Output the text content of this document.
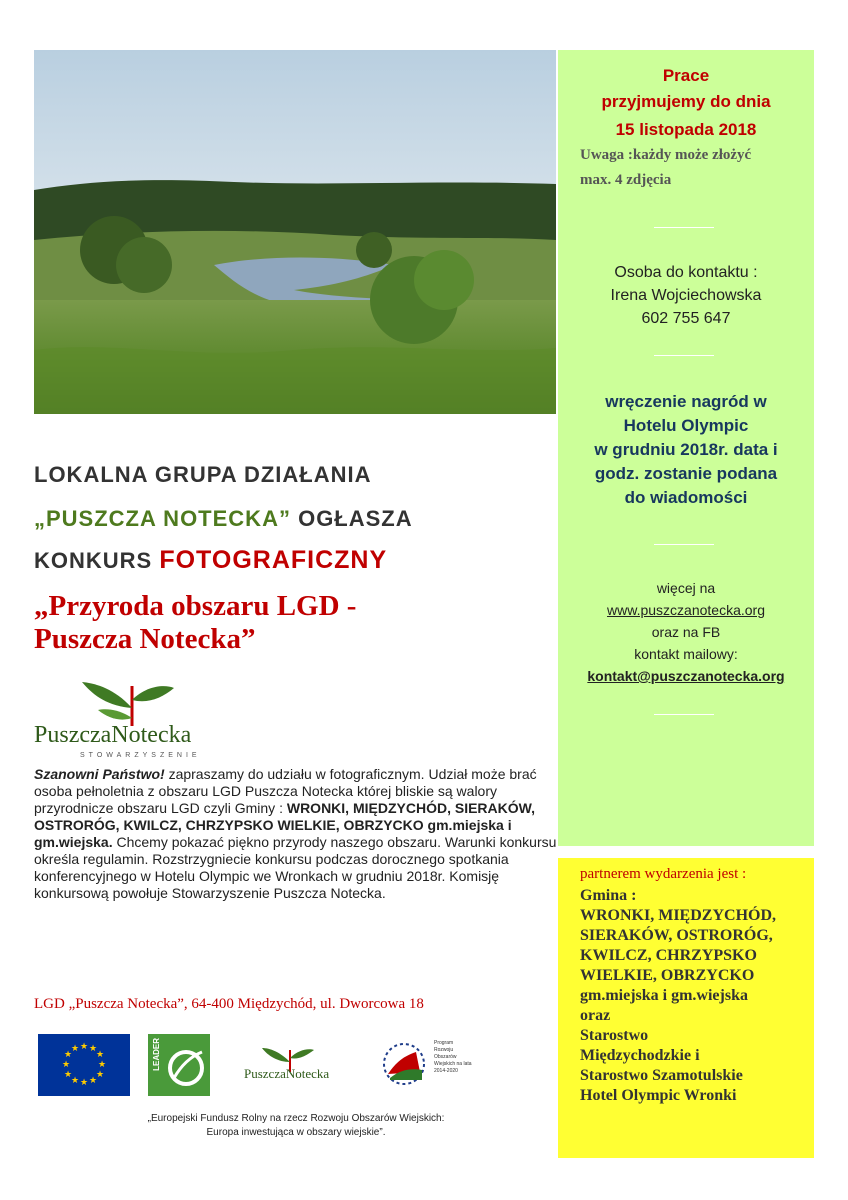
Prace
przyjmujemy do dnia
15 listopada 2018
Uwaga :każdy może złożyć
max. 4 zdjęcia
Osoba do kontaktu :
Irena Wojciechowska
602 755 647
wręczenie nagród w
Hotelu Olympic
w grudniu 2018r. data i
godz. zostanie podana
do wiadomości
więcej na
www.puszczanotecka.org
oraz na FB
kontakt mailowy:
kontakt@puszczanotecka.org
partnerem wydarzenia jest :
Gmina :
WRONKI, MIĘDZYCHÓD,
SIERAKÓW, OSTRORÓG,
KWILCZ, CHRZYPSKO
WIELKIE, OBRZYCKO
gm.miejska i gm.wiejska
oraz
Starostwo
Międzychodzkie i
Starostwo Szamotulskie
Hotel Olympic Wronki
LOKALNA GRUPA DZIAŁANIA
„PUSZCZA NOTECKA” OGŁASZA
KONKURS FOTOGRAFICZNY
„Przyroda obszaru LGD -
Puszcza Notecka”
PuszczaNotecka
STOWARZYSZENIE
Szanowni Państwo! zapraszamy do udziału w fotograficznym. Udział może brać osoba pełnoletnia z obszaru LGD Puszcza Notecka której bliskie są walory przyrodnicze obszaru LGD czyli Gminy : WRONKI, MIĘDZYCHÓD, SIERAKÓW, OSTRORÓG, KWILCZ, CHRZYPSKO WIELKIE, OBRZYCKO gm.miejska i gm.wiejska. Chcemy pokazać piękno przyrody naszego obszaru. Warunki konkursu określa regulamin. Rozstrzygniecie konkursu podczas dorocznego spotkania konferencyjnego w Hotelu Olympic we Wronkach w grudniu 2018r. Komisję konkursową powołuje Stowarzyszenie Puszcza Notecka.
LGD „Puszcza Notecka”, 64-400 Międzychód, ul. Dworcowa 18
★ ★
★
★
★
★
★
★
★
★
★
★	LEADER
PuszczaNotecka
Program Rozwoju Obszarów Wiejskich na lata 2014-2020
„Europejski Fundusz Rolny na rzecz Rozwoju Obszarów Wiejskich:
Europa inwestująca w obszary wiejskie”.
